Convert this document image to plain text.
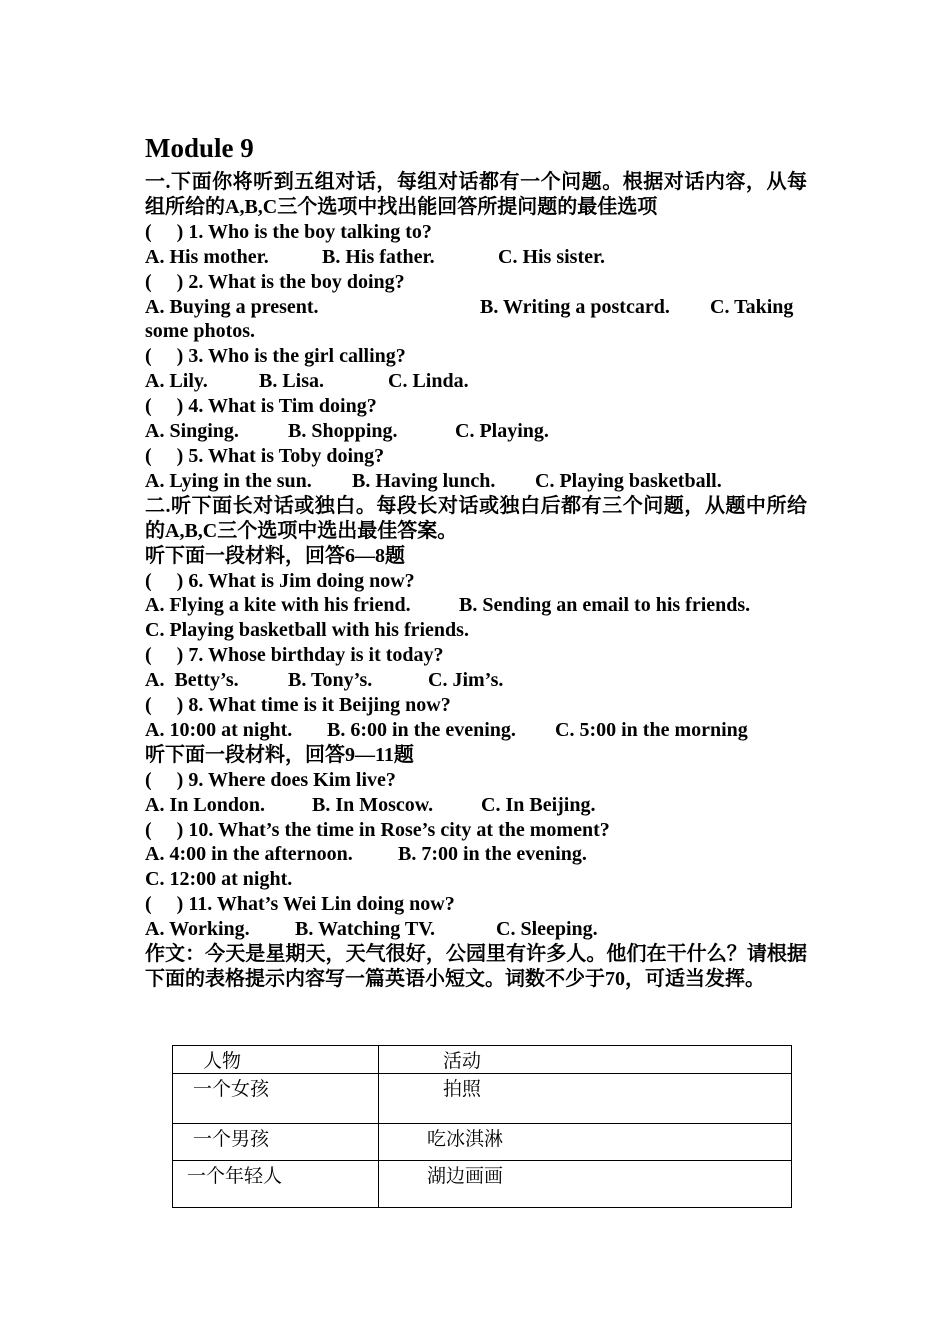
Module 9
一.下面你将听到五组对话，每组对话都有一个问题。根据对话内容，从每组所给的A,B,C三个选项中找出能回答所提问题的最佳选项
(     ) 1. Who is the boy talking to?
A. His mother.	B. His father.	C. His sister.
(     ) 2. What is the boy doing?
A. Buying a present.	B. Writing a postcard. C. Taking
some photos.
(     ) 3. Who is the girl calling?
A. Lily.	B. Lisa.	C. Linda.
(     ) 4. What is Tim doing?
A. Singing. B. Shopping.	C. Playing.
(     ) 5. What is Toby doing?
A. Lying in the sun. B. Having lunch. C. Playing basketball.
二.听下面长对话或独白。每段长对话或独白后都有三个问题，从题中所给的A,B,C三个选项中选出最佳答案。
听下面一段材料，回答6—8题
(     ) 6. What is Jim doing now?
A. Flying a kite with his friend. B. Sending an email to his friends.
C. Playing basketball with his friends.
(     ) 7. Whose birthday is it today?
A.  Betty’s. B. Tony’s.	C. Jim’s.
(     ) 8. What time is it Beijing now?
A. 10:00 at night. B. 6:00 in the evening. C. 5:00 in the morning
听下面一段材料，回答9—11题
(     ) 9. Where does Kim live?
A. In London. B. In Moscow. C. In Beijing.
(     ) 10. What’s the time in Rose’s city at the moment?
A. 4:00 in the afternoon. B. 7:00 in the evening.
C. 12:00 at night.
(     ) 11. What’s Wei Lin doing now?
A. Working. B. Watching TV.	C. Sleeping.
作文：今天是星期天，天气很好，公园里有许多人。他们在干什么？请根据下面的表格提示内容写一篇英语小短文。词数不少于70，可适当发挥。
人物	活动

一个女孩	拍照

一个男孩	吃冰淇淋

一个年轻人	湖边画画
